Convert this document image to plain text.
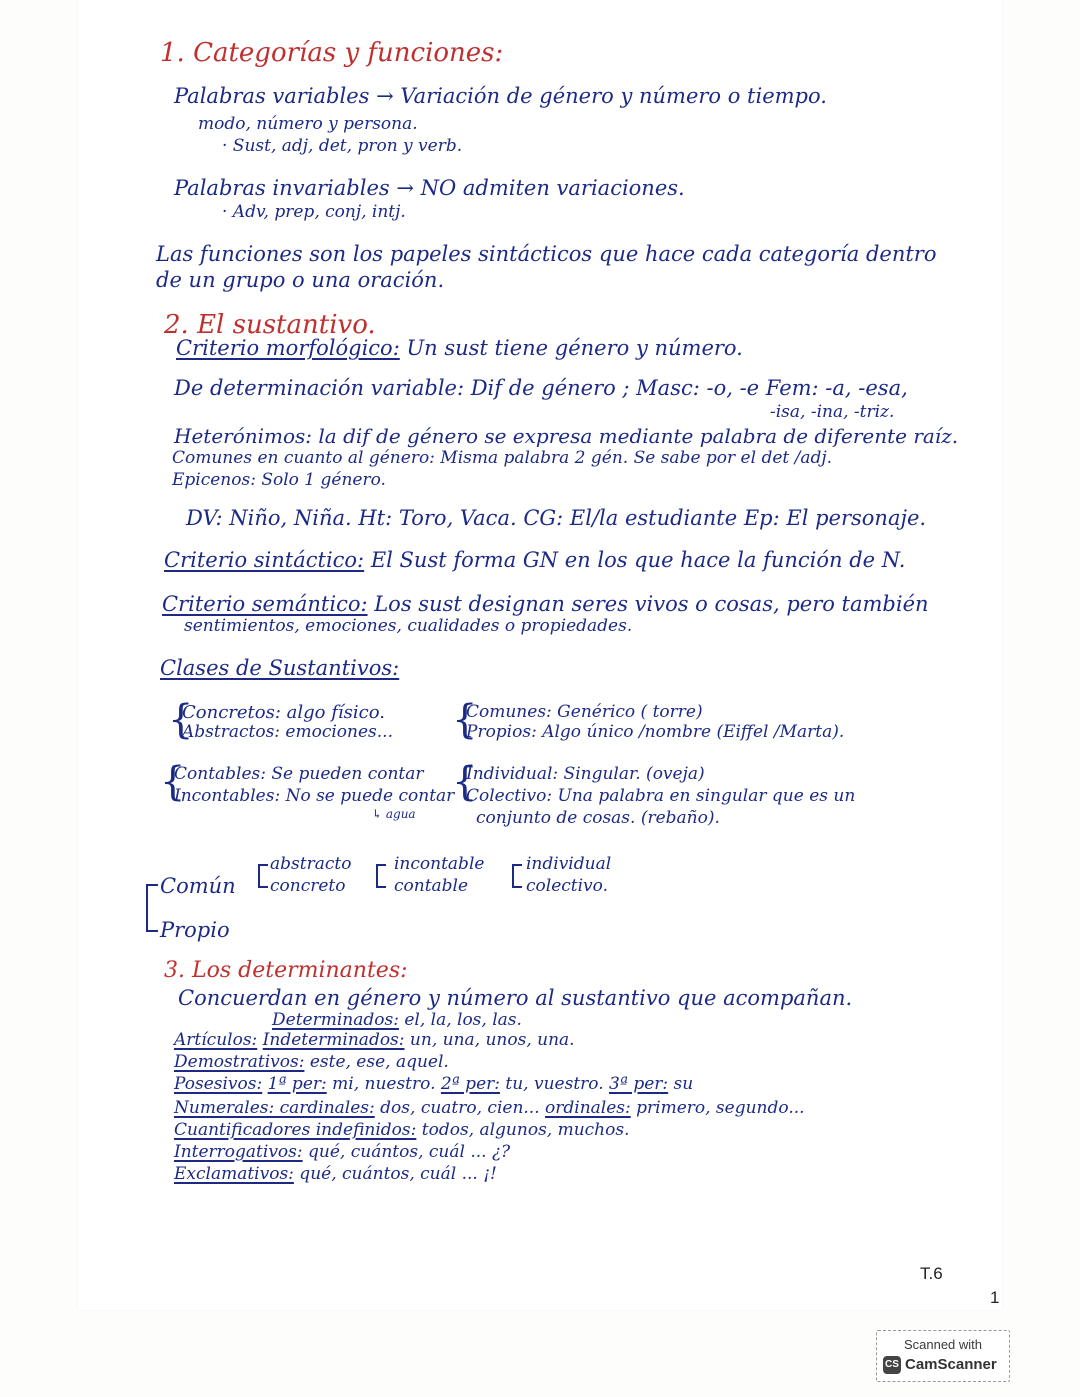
1. Categorías y funciones:
Palabras variables → Variación de género y número o tiempo.
modo, número y persona.
· Sust, adj, det, pron y verb.
Palabras invariables → NO admiten variaciones.
· Adv, prep, conj, intj.
Las funciones son los papeles sintácticos que hace cada categoría dentro
de un grupo o una oración.
2. El sustantivo.
Criterio morfológico: Un sust tiene género y número.
De determinación variable: Dif de género ; Masc: -o, -e Fem: -a, -esa,
-isa, -ina, -triz.
Heterónimos: la dif de género se expresa mediante palabra de diferente raíz.
Comunes en cuanto al género: Misma palabra 2 gén. Se sabe por el det /adj.
Epicenos: Solo 1 género.
DV: Niño, Niña. Ht: Toro, Vaca. CG: El/la estudiante Ep: El personaje.
Criterio sintáctico: El Sust forma GN en los que hace la función de N.
Criterio semántico: Los sust designan seres vivos o cosas, pero también
sentimientos, emociones, cualidades o propiedades.
Clases de Sustantivos:
{
Concretos: algo físico.
Abstractos: emociones... {
Comunes: Genérico ( torre)
Propios: Algo único /nombre (Eiffel /Marta).
{
Contables: Se pueden contar
Incontables: No se puede contar
↳ agua
{
Individual: Singular. (oveja)
Colectivo: Una palabra en singular que es un
conjunto de cosas. (rebaño).
Común
Propio
abstracto
concreto
incontable
contable
individual
colectivo.
3. Los determinantes:
Concuerdan en género y número al sustantivo que acompañan.
Determinados: el, la, los, las.
Artículos: Indeterminados: un, una, unos, una.
Demostrativos: este, ese, aquel.
Posesivos: 1ª per: mi, nuestro. 2ª per: tu, vuestro. 3ª per: su
Numerales: cardinales: dos, cuatro, cien... ordinales: primero, segundo...
Cuantificadores indefinidos: todos, algunos, muchos.
Interrogativos: qué, cuántos, cuál ... ¿?
Exclamativos: qué, cuántos, cuál ... ¡!
T.6
1
Scanned with
CS CamScanner
